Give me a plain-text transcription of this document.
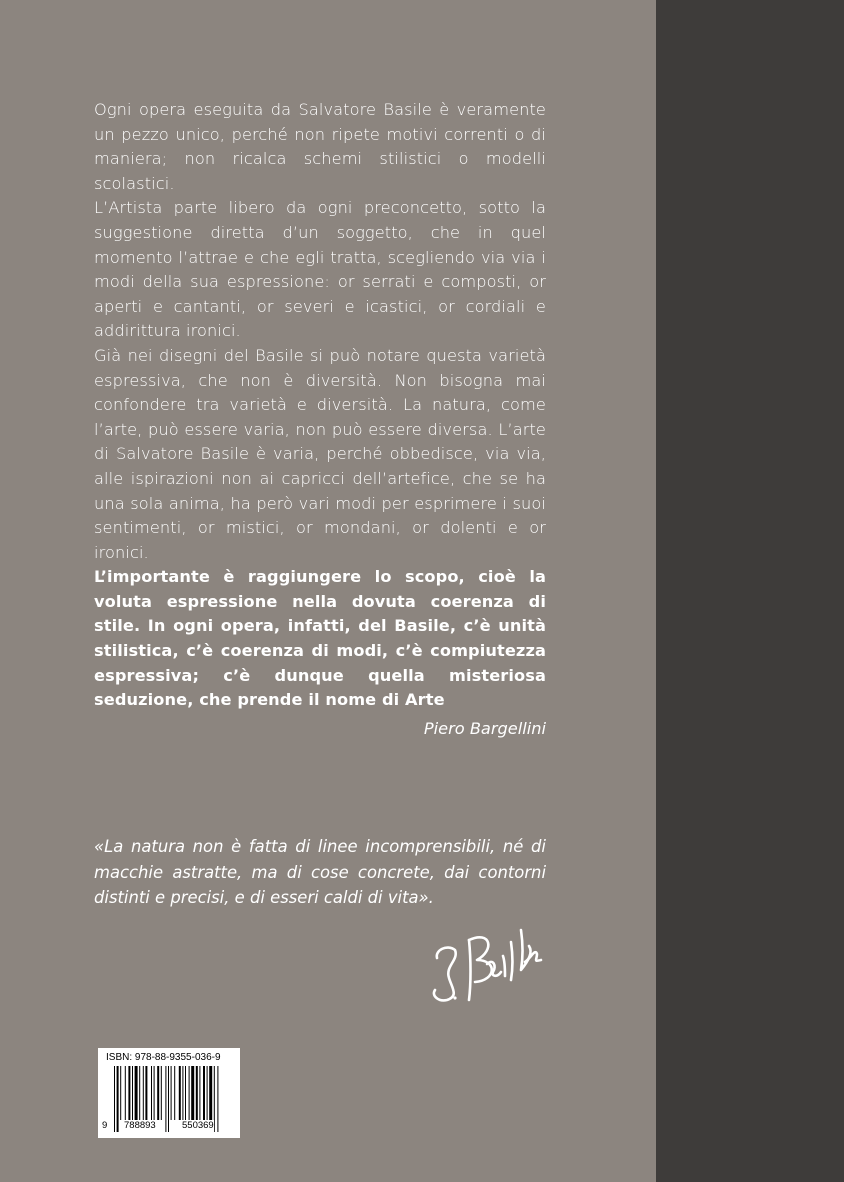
Ogni opera eseguita da Salvatore Basile è veramente un pezzo unico, perché non ripete motivi correnti o di maniera; non ricalca schemi stilistici o modelli scolastici.

L’Artista parte libero da ogni preconcetto, sotto la suggestione diretta d’un soggetto, che in quel momento l’attrae e che egli tratta, scegliendo via via i modi della sua espressione: or serrati e composti, or aperti e cantanti, or severi e icastici, or cordiali e addirittura ironici.

Già nei disegni del Basile si può notare questa varietà espressiva, che non è diversità. Non bisogna mai confondere tra varietà e diversità. La natura, come l’arte, può essere varia, non può essere diversa. L’arte di Salvatore Basile è varia, perché obbedisce, via via, alle ispirazioni non ai capricci dell’artefice, che se ha una sola anima, ha però vari modi per esprimere i suoi sentimenti, or mistici, or mondani, or dolenti e or ironici.

L’importante è raggiungere lo scopo, cioè la voluta espressione nella dovuta coerenza di stile. In ogni opera, infatti, del Basile, c’è unità stilistica, c’è coerenza di modi, c’è compiutezza espressiva; c’è dunque quella misteriosa seduzione, che prende il nome di Arte

Piero Bargellini

«La natura non è fatta di linee incomprensibili, né di macchie astratte, ma di cose concrete, dai contorni distinti e precisi, e di esseri caldi di vita».

ISBN: 978-88-9355-036-9
9 788893	550369
